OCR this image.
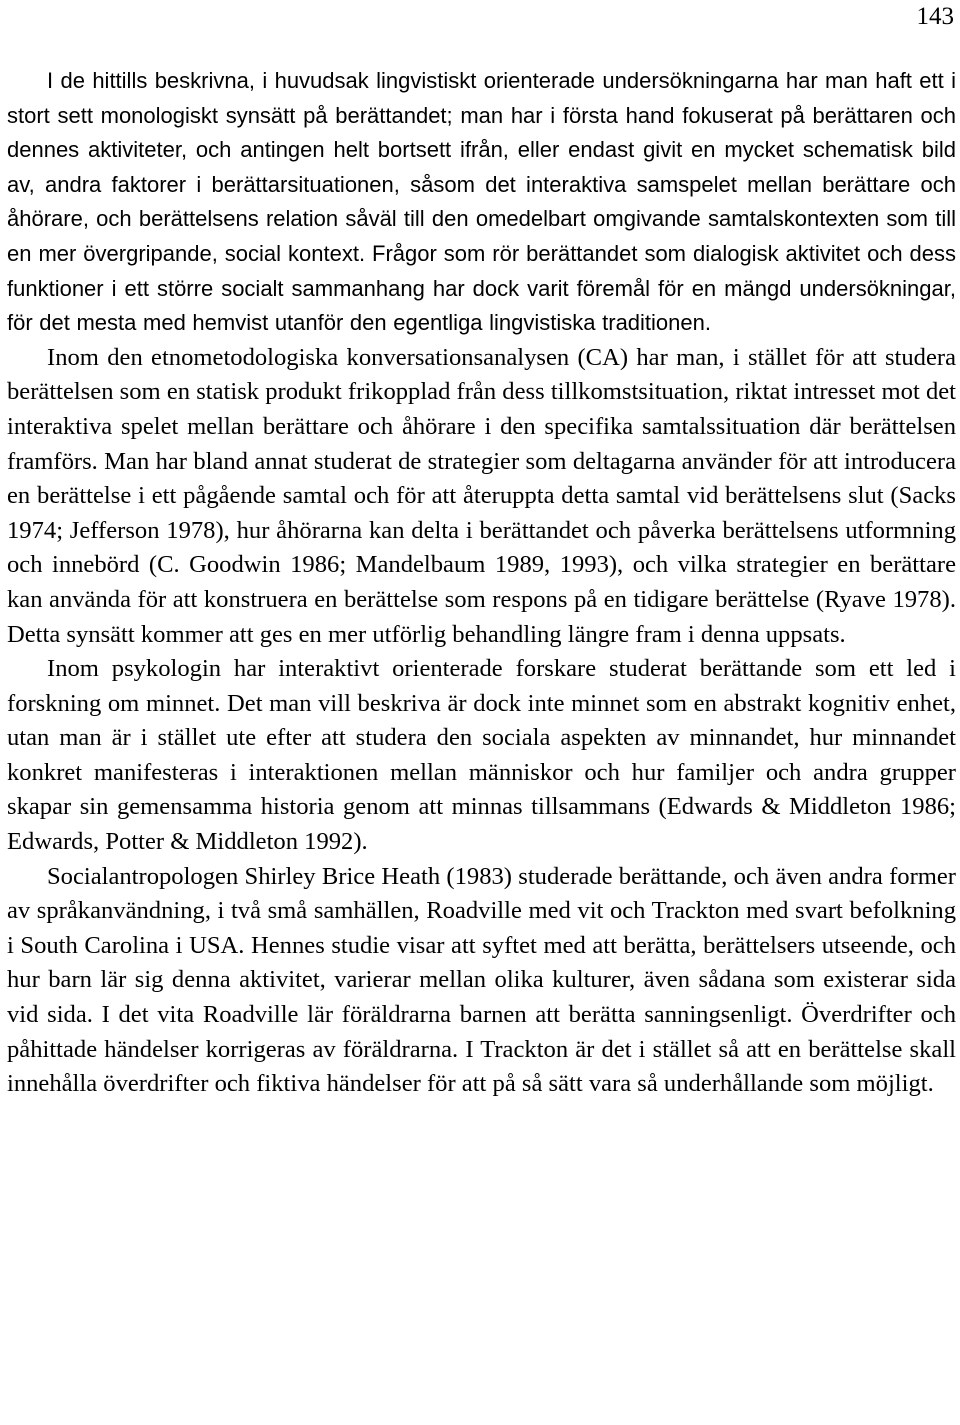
143

I de hittills beskrivna, i huvudsak lingvistiskt orienterade undersökningarna har man haft ett i stort sett monologiskt synsätt på berättandet; man har i första hand fokuserat på berättaren och dennes aktiviteter, och antingen helt bortsett ifrån, eller endast givit en mycket schematisk bild av, andra faktorer i berättarsituationen, såsom det interaktiva samspelet mellan berättare och åhörare, och berättelsens relation såväl till den omedelbart omgivande samtalskontexten som till en mer övergripande, social kontext. Frågor som rör berättandet som dialogisk aktivitet och dess funktioner i ett större socialt sammanhang har dock varit föremål för en mängd undersökningar, för det mesta med hemvist utanför den egentliga lingvistiska traditionen.

Inom den etnometodologiska konversationsanalysen (CA) har man, i stället för att studera berättelsen som en statisk produkt frikopplad från dess tillkomstsituation, riktat intresset mot det interaktiva spelet mellan berättare och åhörare i den specifika samtalssituation där berättelsen framförs. Man har bland annat studerat de strategier som deltagarna använder för att introducera en berättelse i ett pågående samtal och för att återuppta detta samtal vid berättelsens slut (Sacks 1974; Jefferson 1978), hur åhörarna kan delta i berättandet och påverka berättelsens utformning och innebörd (C. Goodwin 1986; Mandelbaum 1989, 1993), och vilka strategier en berättare kan använda för att konstruera en berättelse som respons på en tidigare berättelse (Ryave 1978). Detta synsätt kommer att ges en mer utförlig behandling längre fram i denna uppsats.

Inom psykologin har interaktivt orienterade forskare studerat berättande som ett led i forskning om minnet. Det man vill beskriva är dock inte minnet som en abstrakt kognitiv enhet, utan man är i stället ute efter att studera den sociala aspekten av minnandet, hur minnandet konkret manifesteras i interaktionen mellan människor och hur familjer och andra grupper skapar sin gemensamma historia genom att minnas tillsammans (Edwards & Middleton 1986; Edwards, Potter & Middleton 1992).

Socialantropologen Shirley Brice Heath (1983) studerade berättande, och även andra former av språkanvändning, i två små samhällen, Roadville med vit och Trackton med svart befolkning i South Carolina i USA. Hennes studie visar att syftet med att berätta, berättelsers utseende, och hur barn lär sig denna aktivitet, varierar mellan olika kulturer, även sådana som existerar sida vid sida. I det vita Roadville lär föräldrarna barnen att berätta sanningsenligt. Överdrifter och påhittade händelser korrigeras av föräldrarna. I Trackton är det i stället så att en berättelse skall innehålla överdrifter och fiktiva händelser för att på så sätt vara så underhållande som möjligt.
